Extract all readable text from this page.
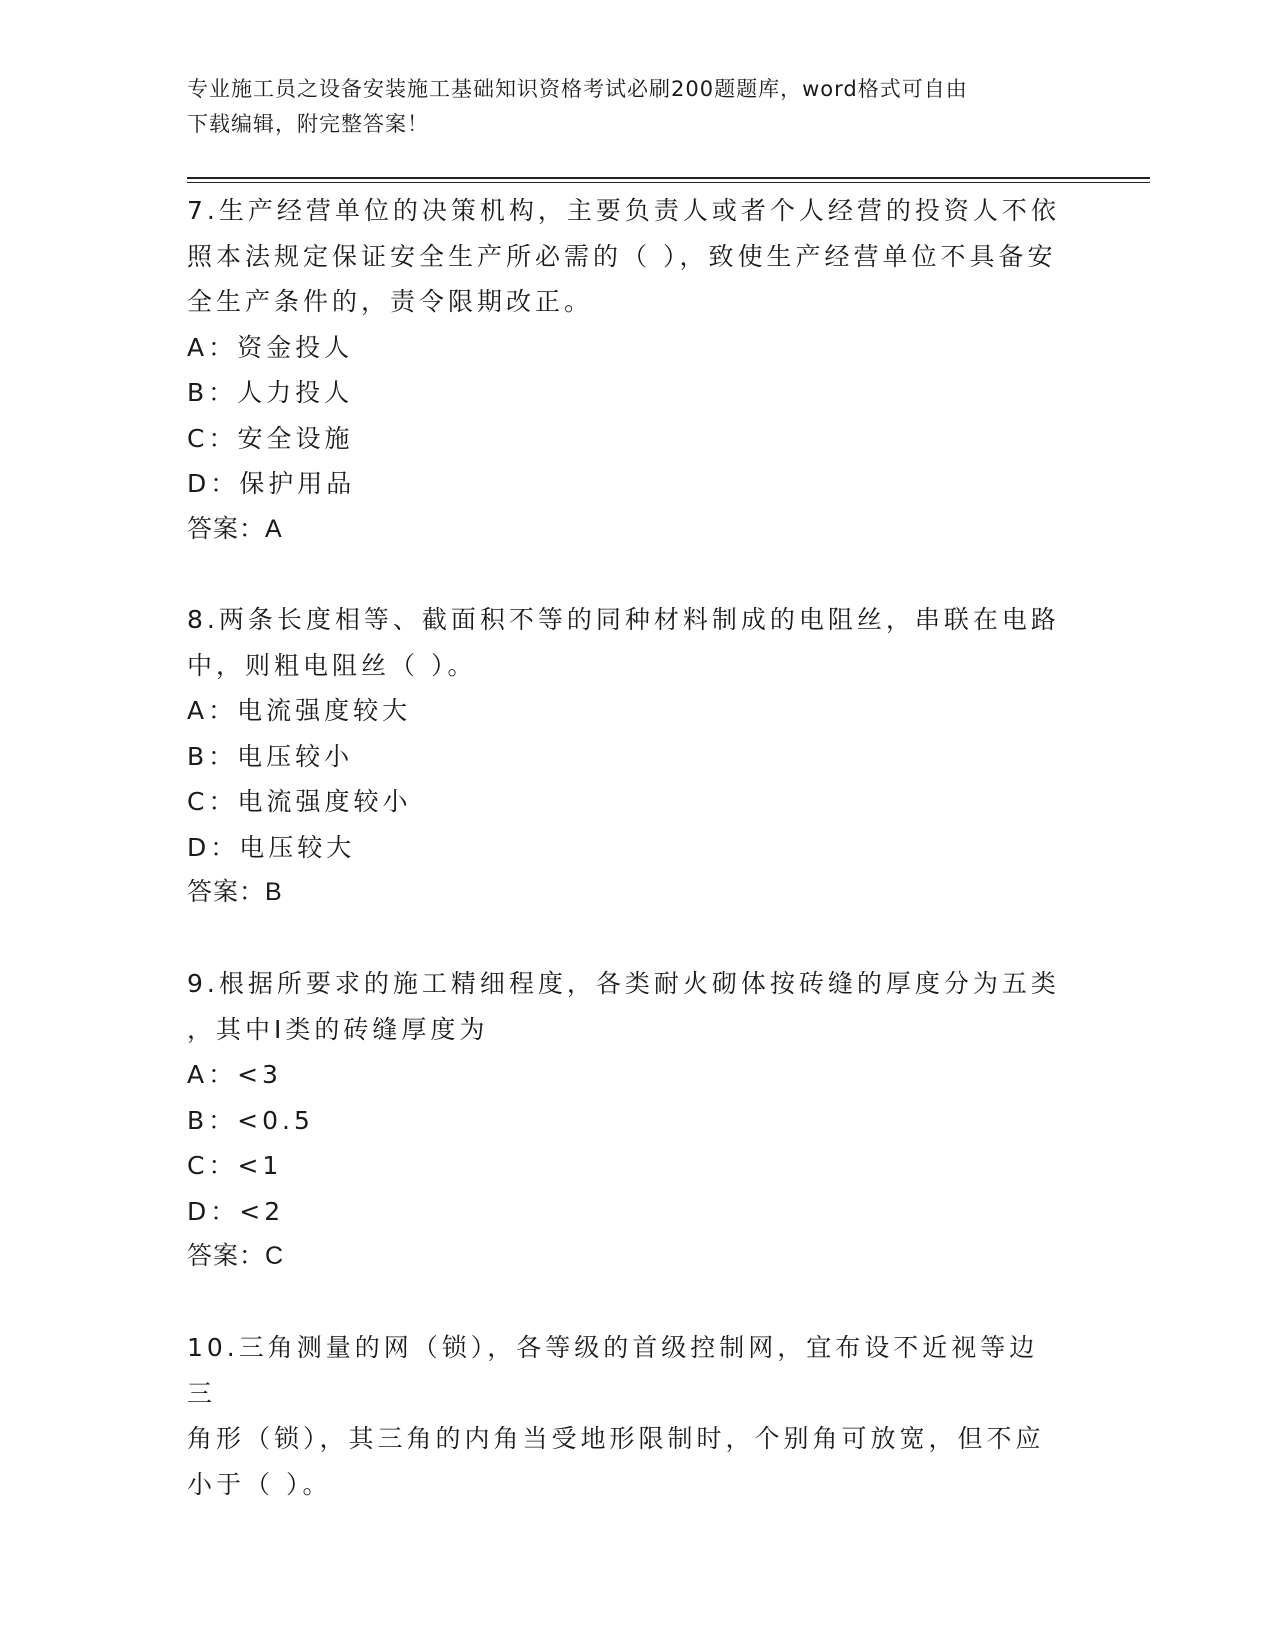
专业施工员之设备安装施工基础知识资格考试必刷200题题库，word格式可自由
下载编辑，附完整答案！
7.生产经营单位的决策机构，主要负责人或者个人经营的投资人不依
照本法规定保证安全生产所必需的（ ），致使生产经营单位不具备安
全生产条件的，责令限期改正。
A：资金投人
B：人力投人
C：安全设施
D：保护用品
答案：A
8.两条长度相等、截面积不等的同种材料制成的电阻丝，串联在电路
中，则粗电阻丝（ ）。
A：电流强度较大
B：电压较小
C：电流强度较小
D：电压较大
答案：B
9.根据所要求的施工精细程度，各类耐火砌体按砖缝的厚度分为五类
，其中Ⅰ类的砖缝厚度为
A：<3
B：<0.5
C：<1
D：<2
答案：C
10.三角测量的网（锁），各等级的首级控制网，宜布设不近视等边三
角形（锁），其三角的内角当受地形限制时，个别角可放宽，但不应
小于（ ）。
